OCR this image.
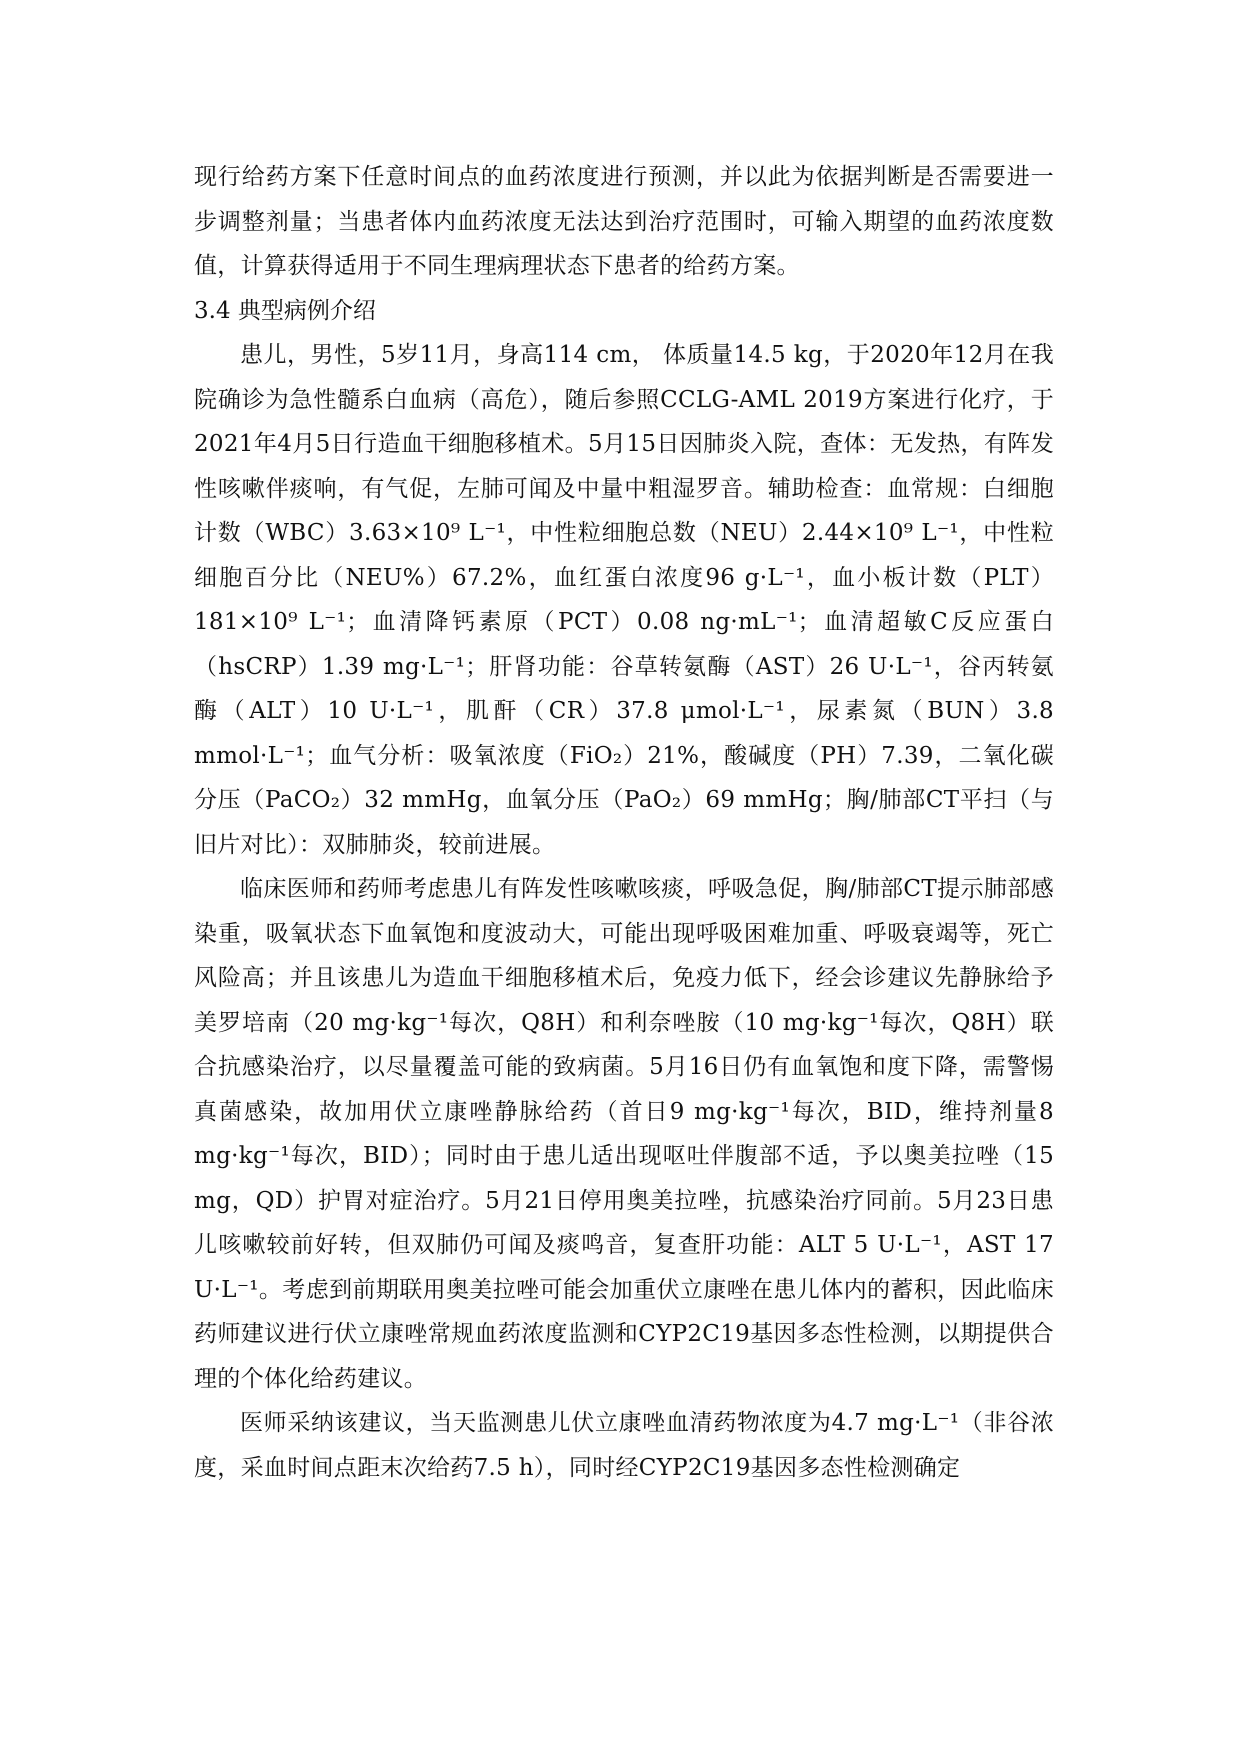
现行给药方案下任意时间点的血药浓度进行预测，并以此为依据判断是否需要进一步调整剂量；当患者体内血药浓度无法达到治疗范围时，可输入期望的血药浓度数值，计算获得适用于不同生理病理状态下患者的给药方案。

3.4 典型病例介绍

患儿，男性，5岁11月，身高114 cm， 体质量14.5 kg，于2020年12月在我院确诊为急性髓系白血病（高危），随后参照CCLG-AML 2019方案进行化疗，于2021年4月5日行造血干细胞移植术。5月15日因肺炎入院，查体：无发热，有阵发性咳嗽伴痰响，有气促，左肺可闻及中量中粗湿罗音。辅助检查：血常规：白细胞计数（WBC）3.63×10⁹ L⁻¹，中性粒细胞总数（NEU）2.44×10⁹ L⁻¹，中性粒细胞百分比（NEU%）67.2%，血红蛋白浓度96 g·L⁻¹，血小板计数（PLT）181×10⁹ L⁻¹；血清降钙素原（PCT）0.08 ng·mL⁻¹；血清超敏C反应蛋白（hsCRP）1.39 mg·L⁻¹；肝肾功能：谷草转氨酶（AST）26 U·L⁻¹，谷丙转氨酶（ALT）10 U·L⁻¹，肌酐（CR）37.8 μmol·L⁻¹，尿素氮（BUN）3.8 mmol·L⁻¹；血气分析：吸氧浓度（FiO₂）21%，酸碱度（PH）7.39，二氧化碳分压（PaCO₂）32 mmHg，血氧分压（PaO₂）69 mmHg；胸/肺部CT平扫（与旧片对比）：双肺肺炎，较前进展。

临床医师和药师考虑患儿有阵发性咳嗽咳痰，呼吸急促，胸/肺部CT提示肺部感染重，吸氧状态下血氧饱和度波动大，可能出现呼吸困难加重、呼吸衰竭等，死亡风险高；并且该患儿为造血干细胞移植术后，免疫力低下，经会诊建议先静脉给予美罗培南（20 mg·kg⁻¹每次，Q8H）和利奈唑胺（10 mg·kg⁻¹每次，Q8H）联合抗感染治疗，以尽量覆盖可能的致病菌。5月16日仍有血氧饱和度下降，需警惕真菌感染，故加用伏立康唑静脉给药（首日9 mg·kg⁻¹每次，BID，维持剂量8 mg·kg⁻¹每次，BID）；同时由于患儿适出现呕吐伴腹部不适，予以奥美拉唑（15 mg，QD）护胃对症治疗。5月21日停用奥美拉唑，抗感染治疗同前。5月23日患儿咳嗽较前好转，但双肺仍可闻及痰鸣音，复查肝功能：ALT 5 U·L⁻¹，AST 17 U·L⁻¹。考虑到前期联用奥美拉唑可能会加重伏立康唑在患儿体内的蓄积，因此临床药师建议进行伏立康唑常规血药浓度监测和CYP2C19基因多态性检测，以期提供合理的个体化给药建议。

医师采纳该建议，当天监测患儿伏立康唑血清药物浓度为4.7 mg·L⁻¹（非谷浓度，采血时间点距末次给药7.5 h），同时经CYP2C19基因多态性检测确定
